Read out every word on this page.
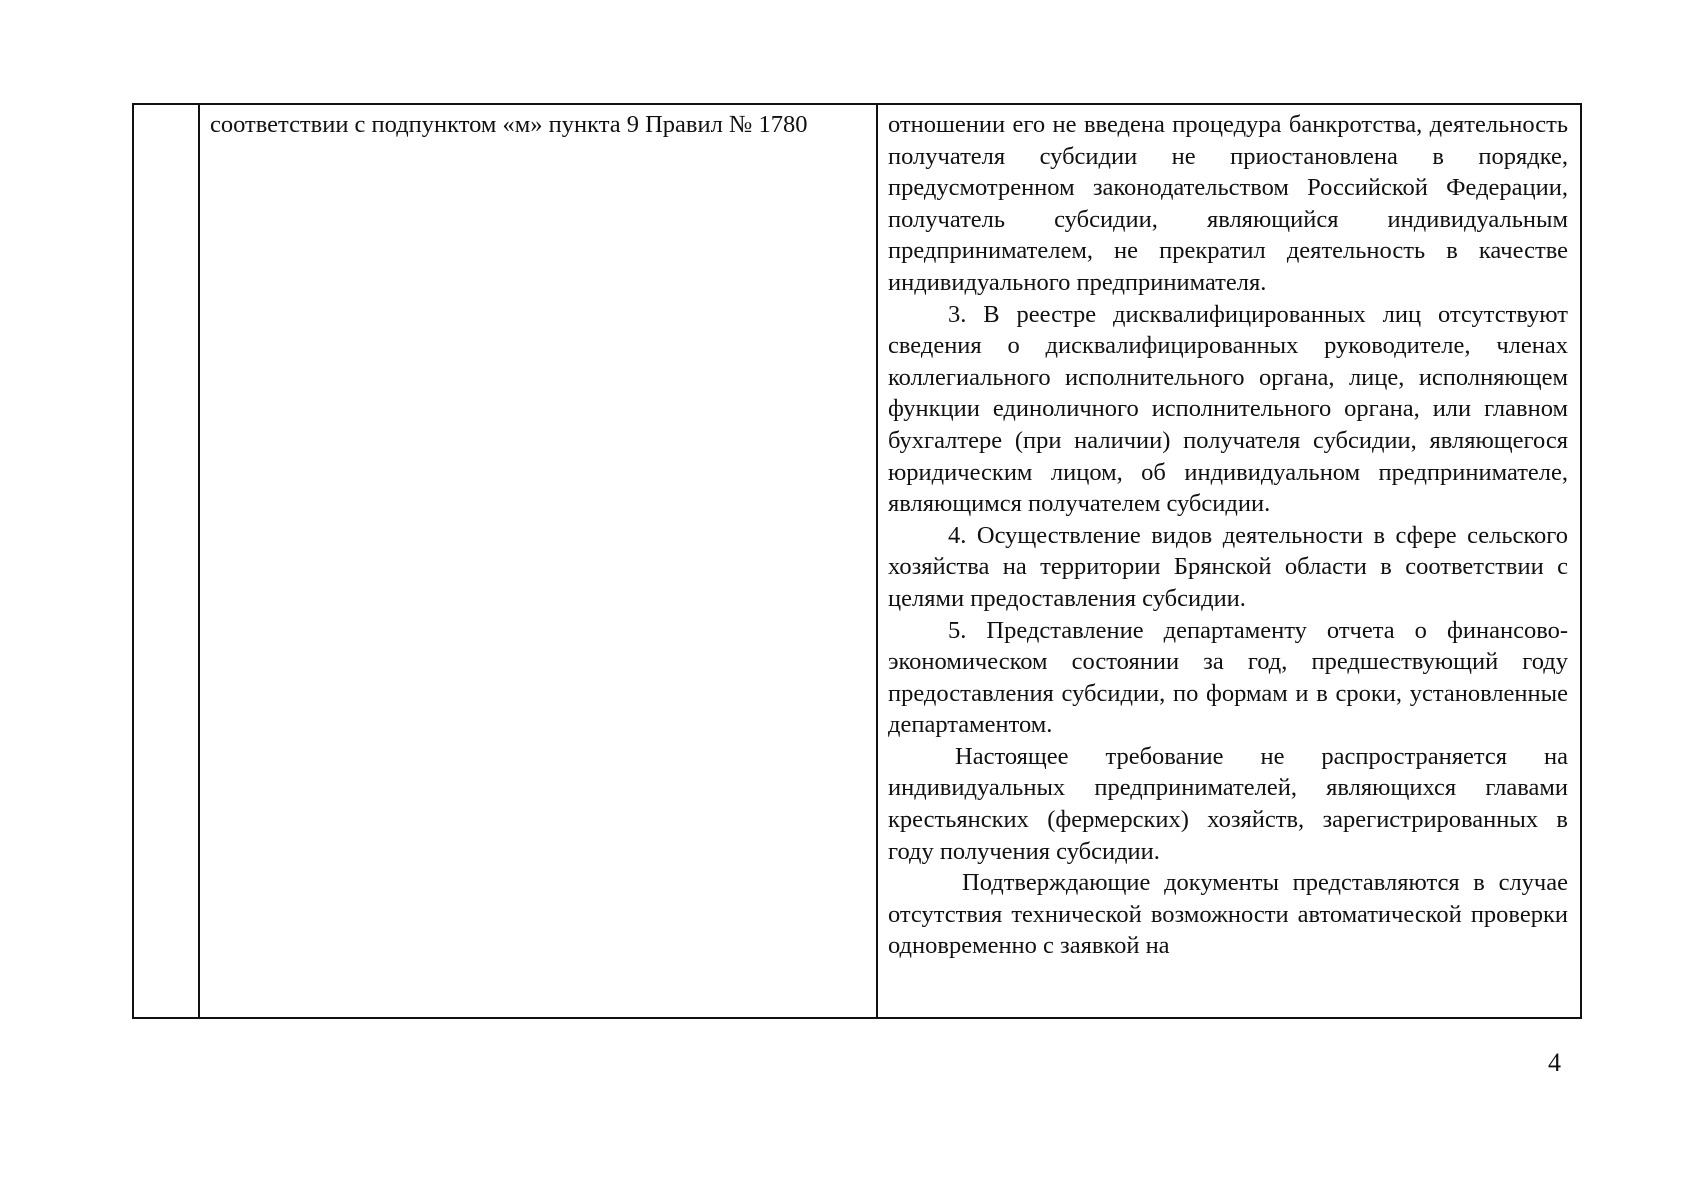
соответствии с подпунктом «м» пункта 9 Правил № 1780	отношении его не введена процедура банкротства, деятельность получателя субсидии не приостановлена в порядке, предусмотренном законодательством Российской Федерации, получатель субсидии, являющийся индивидуальным предпринимателем, не прекратил деятельность в качестве индивидуального предпринимателя.

3. В реестре дисквалифицированных лиц отсутствуют сведения о дисквалифицированных руководителе, членах коллегиального исполнительного органа, лице, исполняющем функции единоличного исполнительного органа, или главном бухгалтере (при наличии) получателя субсидии, являющегося юридическим лицом, об индивидуальном предпринимателе, являющимся получателем субсидии.

4. Осуществление видов деятельности в сфере сельского хозяйства на территории Брянской области в соответствии с целями предоставления субсидии.

5. Представление департаменту отчета о финансово-экономическом состоянии за год, предшествующий году предоставления субсидии, по формам и в сроки, установленные департаментом.

Настоящее требование не распространяется на индивидуальных предпринимателей, являющихся главами крестьянских (фермерских) хозяйств, зарегистрированных в году получения субсидии.

Подтверждающие документы представляются в случае отсутствия технической возможности автоматической проверки одновременно с заявкой на

4
